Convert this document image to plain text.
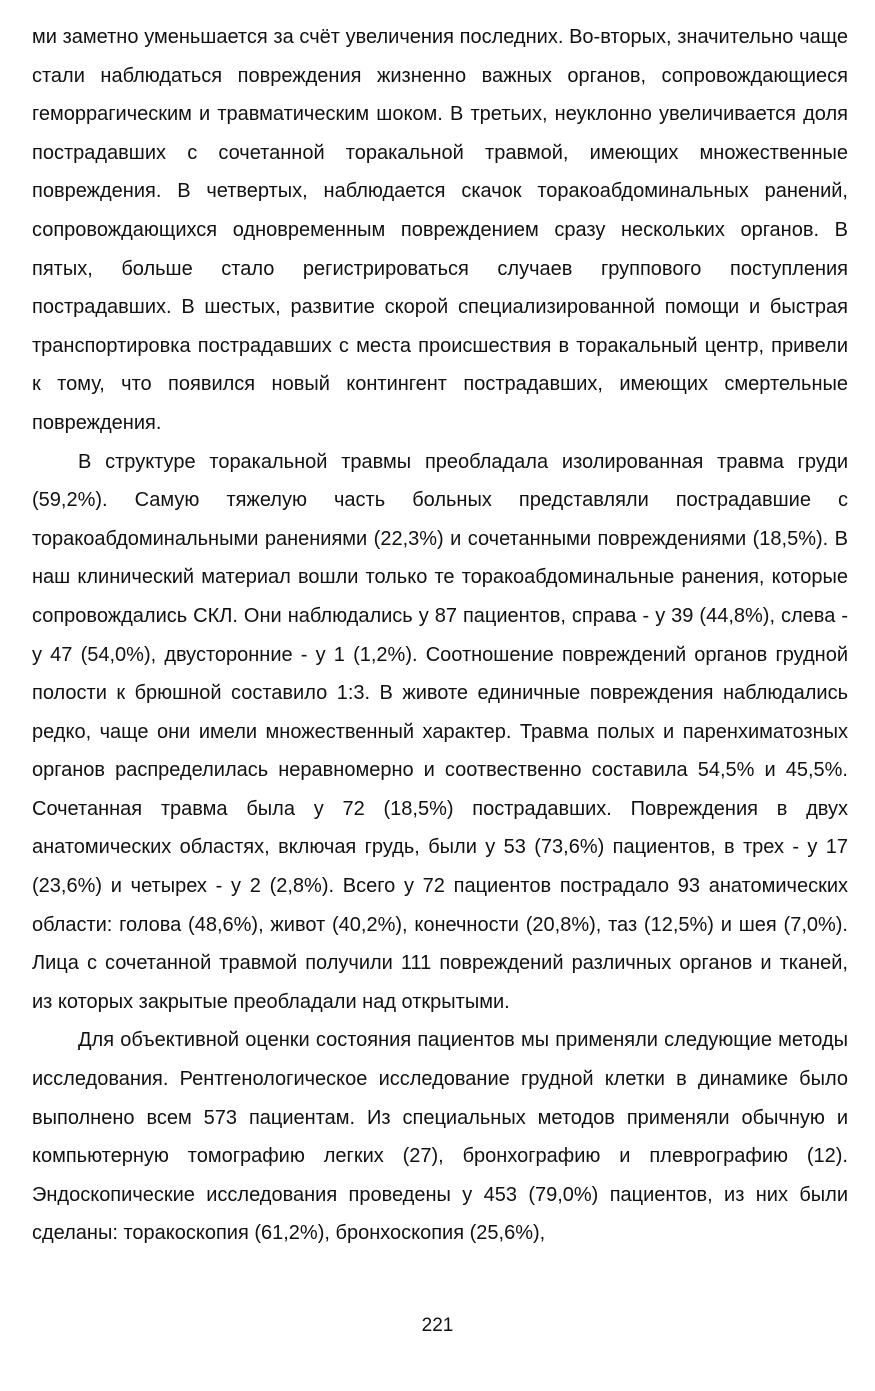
ми заметно уменьшается за счёт увеличения последних. Во-вторых, значительно чаще стали наблюдаться повреждения жизненно важных органов, сопровождающиеся геморрагическим и травматическим шоком. В третьих, неуклонно увеличивается доля пострадавших с сочетанной торакальной травмой, имеющих множественные повреждения. В четвертых, наблюдается скачок торакоабдоминальных ранений, сопровождающихся одновременным повреждением сразу нескольких органов. В пятых, больше стало регистрироваться случаев группового поступления пострадавших. В шестых, развитие скорой специализированной помощи и быстрая транспортировка пострадавших с места происшествия в торакальный центр, привели к тому, что появился новый контингент пострадавших, имеющих смертельные повреждения.

В структуре торакальной травмы преобладала изолированная травма груди (59,2%). Самую тяжелую часть больных представляли пострадавшие с торакоабдоминальными ранениями (22,3%) и сочетанными повреждениями (18,5%). В наш клинический материал вошли только те торакоабдоминальные ранения, которые сопровождались СКЛ. Они наблюдались у 87 пациентов, справа - у 39 (44,8%), слева - у 47 (54,0%), двусторонние - у 1 (1,2%). Соотношение повреждений органов грудной полости к брюшной составило 1:3. В животе единичные повреждения наблюдались редко, чаще они имели множественный характер. Травма полых и паренхиматозных органов распределилась неравномерно и соотвественно составила 54,5% и 45,5%. Сочетанная травма была у 72 (18,5%) пострадавших. Повреждения в двух анатомических областях, включая грудь, были у 53 (73,6%) пациентов, в трех - у 17 (23,6%) и четырех - у 2 (2,8%). Всего у 72 пациентов пострадало 93 анатомических области: голова (48,6%), живот (40,2%), конечности (20,8%), таз (12,5%) и шея (7,0%). Лица с сочетанной травмой получили 111 повреждений различных органов и тканей, из которых закрытые преобладали над открытыми.

Для объективной оценки состояния пациентов мы применяли следующие методы исследования. Рентгенологическое исследование грудной клетки в динамике было выполнено всем 573 пациентам. Из специальных методов применяли обычную и компьютерную томографию легких (27), бронхографию и плеврографию (12). Эндоскопические исследования проведены у 453 (79,0%) пациентов, из них были сделаны: торакоскопия (61,2%), бронхоскопия (25,6%),

221
